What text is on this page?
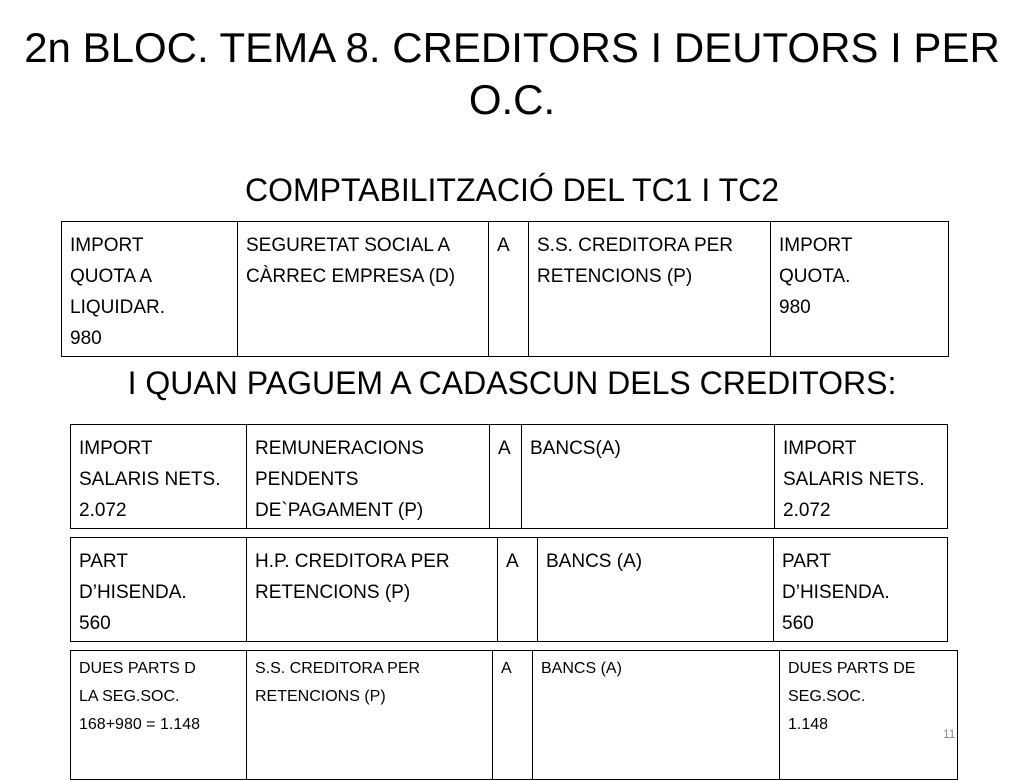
2n BLOC. TEMA 8. CREDITORS I DEUTORS I PER O.C.
COMPTABILITZACIÓ DEL TC1 I TC2
IMPORT
QUOTA A
LIQUIDAR.
980	SEGURETAT SOCIAL A
CÀRREC EMPRESA (D)	A	S.S. CREDITORA PER
RETENCIONS (P)	IMPORT
QUOTA.
980
I QUAN PAGUEM A CADASCUN DELS CREDITORS:
IMPORT
SALARIS NETS.
2.072	REMUNERACIONS
PENDENTS
DE`PAGAMENT (P)	A	BANCS(A)	IMPORT
SALARIS NETS.
2.072
PART
D’HISENDA.
560	H.P. CREDITORA PER
RETENCIONS (P)	A	BANCS (A)	PART
D’HISENDA.
560
DUES PARTS D
LA SEG.SOC.
168+980 = 1.148	S.S. CREDITORA PER
RETENCIONS (P)	A	BANCS (A)	DUES PARTS DE
SEG.SOC.
1.148
11
